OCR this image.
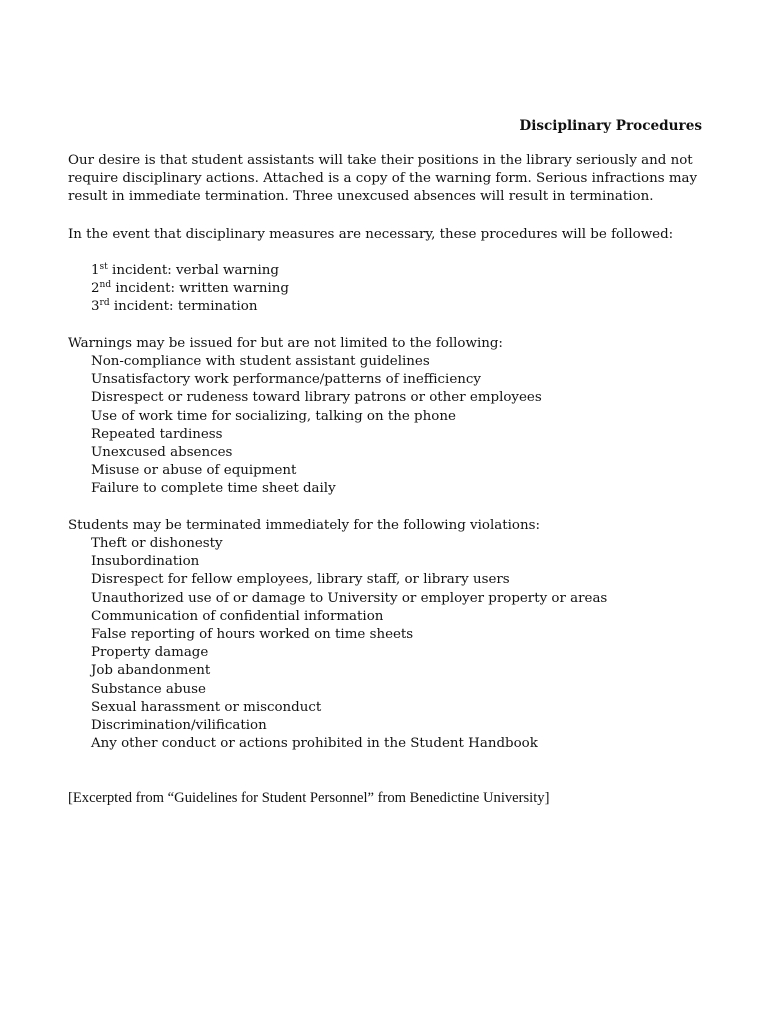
Disciplinary Procedures
Our desire is that student assistants will take their positions in the library seriously and not require disciplinary actions. Attached is a copy of the warning form. Serious infractions may result in immediate termination. Three unexcused absences will result in termination.
In the event that disciplinary measures are necessary, these procedures will be followed:
1st incident: verbal warning
2nd incident: written warning
3rd incident: termination
Warnings may be issued for but are not limited to the following:
Non-compliance with student assistant guidelines
Unsatisfactory work performance/patterns of inefficiency
Disrespect or rudeness toward library patrons or other employees
Use of work time for socializing, talking on the phone
Repeated tardiness
Unexcused absences
Misuse or abuse of equipment
Failure to complete time sheet daily
Students may be terminated immediately for the following violations:
Theft or dishonesty
Insubordination
Disrespect for fellow employees, library staff, or library users
Unauthorized use of or damage to University or employer property or areas
Communication of confidential information
False reporting of hours worked on time sheets
Property damage
Job abandonment
Substance abuse
Sexual harassment or misconduct
Discrimination/vilification
Any other conduct or actions prohibited in the Student Handbook
[Excerpted from “Guidelines for Student Personnel” from Benedictine University]
